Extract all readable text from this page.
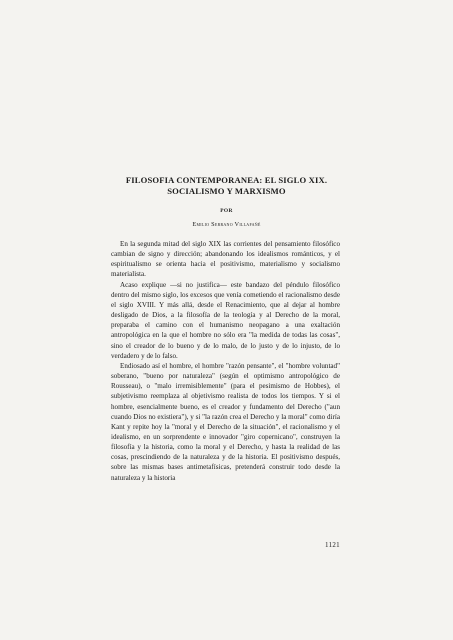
FILOSOFIA CONTEMPORANEA: EL SIGLO XIX.
SOCIALISMO Y MARXISMO
POR
Emilio Serrano Villafañé

En la segunda mitad del siglo XIX las corrientes del pensamiento filosófico cambian de signo y dirección; abandonando los idealismos románticos, y el espiritualismo se orienta hacia el positivismo, materialismo y socialismo materialista.

Acaso explique —si no justifica— este bandazo del péndulo filosófico dentro del mismo siglo, los excesos que venía cometiendo el racionalismo desde el siglo XVIII. Y más allá, desde el Renacimiento, que al dejar al hombre desligado de Dios, a la filosofía de la teología y al Derecho de la moral, preparaba el camino con el humanismo neopagano a una exaltación antropológica en la que el hombre no sólo era "la medida de todas las cosas", sino el creador de lo bueno y de lo malo, de lo justo y de lo injusto, de lo verdadero y de lo falso.

Endiosado así el hombre, el hombre "razón pensante", el "hombre voluntad" soberano, "bueno por naturaleza" (según el optimismo antropológico de Rousseau), o "malo irremisiblemente" (para el pesimismo de Hobbes), el subjetivismo reemplaza al objetivismo realista de todos los tiempos. Y si el hombre, esencialmente bueno, es el creador y fundamento del Derecho ("aun cuando Dios no existiera"), y si "la razón crea el Derecho y la moral" como diría Kant y repite hoy la "moral y el Derecho de la situación", el racionalismo y el idealismo, en un sorprendente e innovador "giro copernicano", construyen la filosofía y la historia, como la moral y el Derecho, y hasta la realidad de las cosas, prescindiendo de la naturaleza y de la historia. El positivismo después, sobre las mismas bases antimetafísicas, pretenderá construir todo desde la naturaleza y la historia

1121
